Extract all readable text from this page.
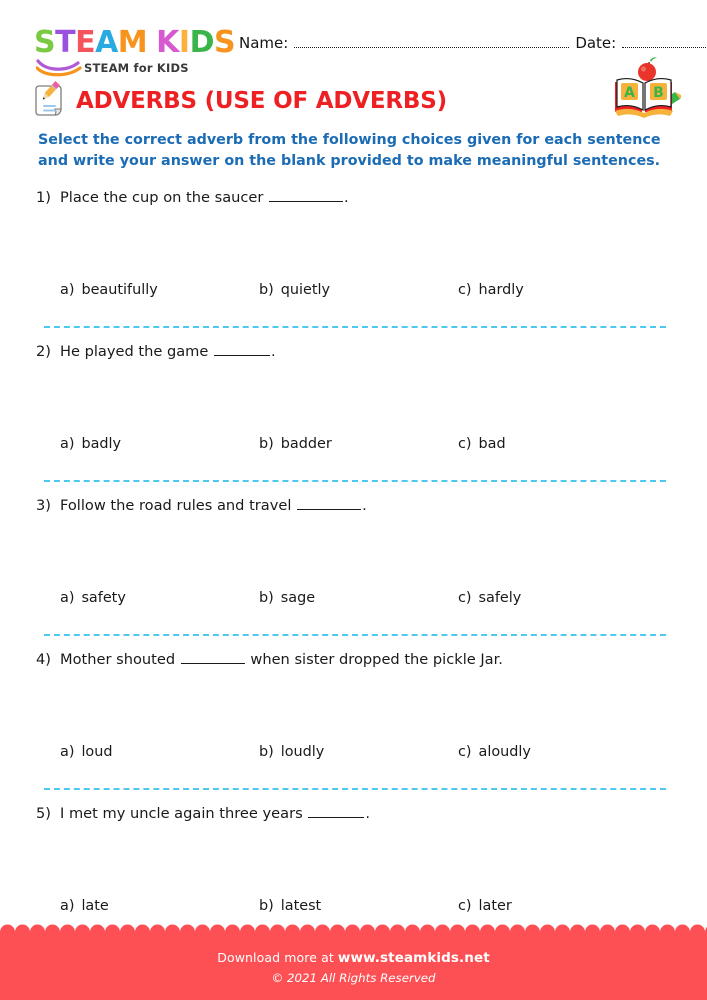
S T E A M K I D S
STEAM for KIDS
Name:	Date:
ADVERBS (USE OF ADVERBS)	A B
Select the correct adverb from the following choices given for each sentence
and write your answer on the blank provided to make meaningful sentences.
1) Place the cup on the saucer	.
a) beautifully	b) quietly	c) hardly
2) He played the game	.
a) badly	b) badder	c) bad
3) Follow the road rules and travel	.
a) safety	b) sage	c) safely
4) Mother shouted	when sister dropped the pickle Jar.
a) loud	b) loudly	c) aloudly
5) I met my uncle again three years	.
a) late	b) latest	c) later
Download more at www.steamkids.net
© 2021 All Rights Reserved
